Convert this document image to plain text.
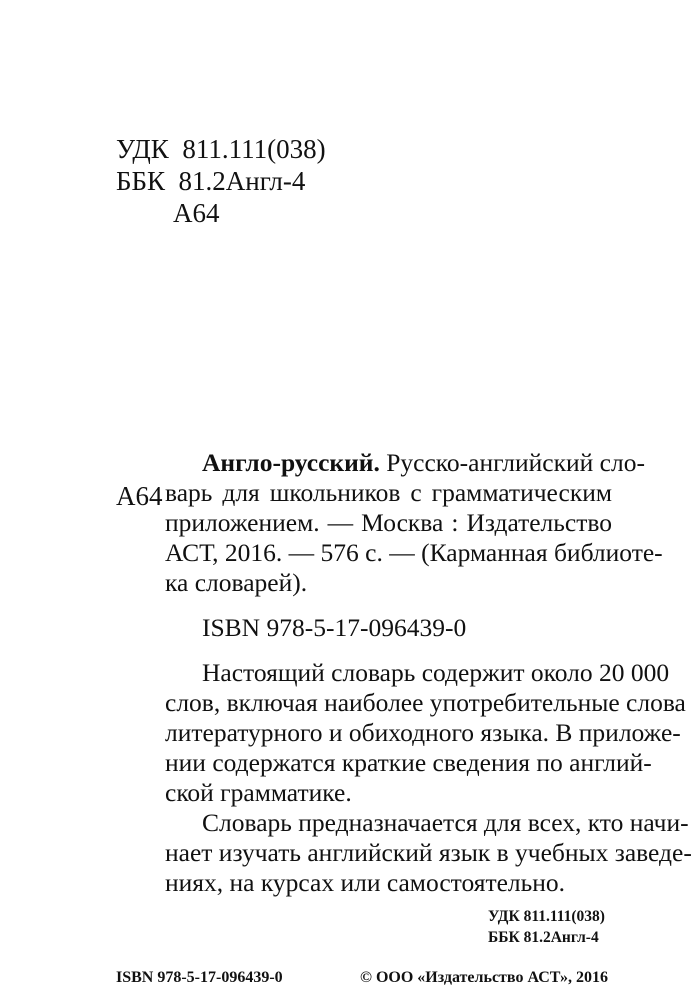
УДК 811.111(038)
ББК 81.2Англ-4
А64
А64
Англо-русский. Русско-английский сло-
варь для школьников с грамматическим
приложением. — Москва : Издательство
АСТ, 2016. — 576 с. — (Карманная библиоте-
ка словарей).
ISBN 978-5-17-096439-0
Настоящий словарь содержит около 20 000
слов, включая наиболее употребительные слова
литературного и обиходного языка. В приложе-
нии содержатся краткие сведения по англий-
ской грамматике.
Словарь предназначается для всех, кто начи-
нает изучать английский язык в учебных заведе-
ниях, на курсах или самостоятельно.
УДК 811.111(038)
ББК 81.2Англ-4
ISBN 978-5-17-096439-0	© ООО «Издательство АСТ», 2016
